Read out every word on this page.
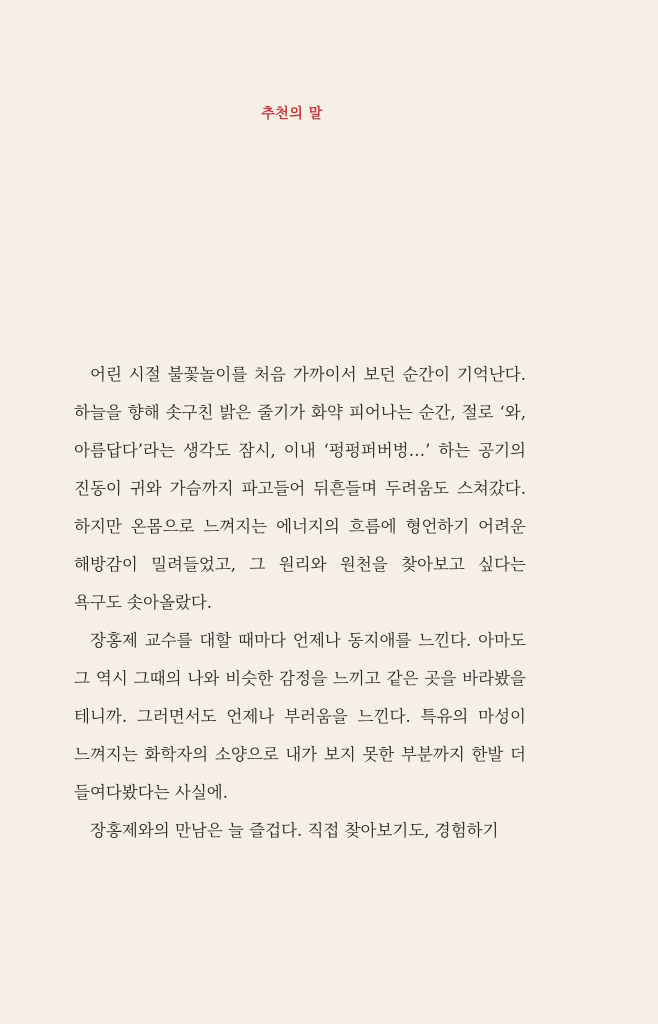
추천의 말

어린 시절 불꽃놀이를 처음 가까이서 보던 순간이 기억난다. 하늘을 향해 솟구친 밝은 줄기가 화약 피어나는 순간, 절로 ‘와, 아름답다’라는 생각도 잠시, 이내 ‘펑펑퍼버벙…’ 하는 공기의 진동이 귀와 가슴까지 파고들어 뒤흔들며 두려움도 스쳐갔다. 하지만 온몸으로 느껴지는 에너지의 흐름에 형언하기 어려운 해방감이 밀려들었고, 그 원리와 원천을 찾아보고 싶다는 욕구도 솟아올랐다.

장홍제 교수를 대할 때마다 언제나 동지애를 느낀다. 아마도 그 역시 그때의 나와 비슷한 감정을 느끼고 같은 곳을 바라봤을 테니까. 그러면서도 언제나 부러움을 느낀다. 특유의 마성이 느껴지는 화학자의 소양으로 내가 보지 못한 부분까지 한발 더 들여다봤다는 사실에.

장홍제와의 만남은 늘 즐겁다. 직접 찾아보기도, 경험하기
